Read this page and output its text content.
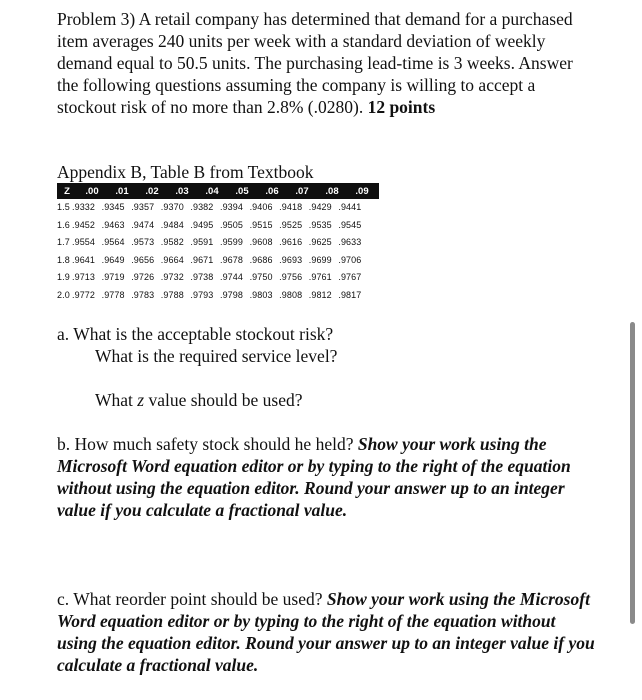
Problem 3) A retail company has determined that demand for a purchased item averages 240 units per week with a standard deviation of weekly demand equal to 50.5 units. The purchasing lead-time is 3 weeks. Answer the following questions assuming the company is willing to accept a stockout risk of no more than 2.8% (.0280). 12 points
Appendix B, Table B from Textbook
Z	.00	.01	.02	.03	.04	.05	.06	.07	.08	.09
1.5 .9332 .9345 .9357 .9370 .9382 .9394 .9406 .9418 .9429 .9441
1.6 .9452 .9463 .9474 .9484 .9495 .9505 .9515 .9525 .9535 .9545
1.7 .9554 .9564 .9573 .9582 .9591 .9599 .9608 .9616 .9625 .9633
1.8 .9641 .9649 .9656 .9664 .9671 .9678 .9686 .9693 .9699 .9706
1.9 .9713 .9719 .9726 .9732 .9738 .9744 .9750 .9756 .9761 .9767
2.0 .9772 .9778 .9783 .9788 .9793 .9798 .9803 .9808 .9812 .9817
a. What is the acceptable stockout risk?
What is the required service level?
What z value should be used?
b. How much safety stock should he held? Show your work using the Microsoft Word equation editor or by typing to the right of the equation without using the equation editor. Round your answer up to an integer value if you calculate a fractional value.
c. What reorder point should be used? Show your work using the Microsoft Word equation editor or by typing to the right of the equation without using the equation editor. Round your answer up to an integer value if you calculate a fractional value.
